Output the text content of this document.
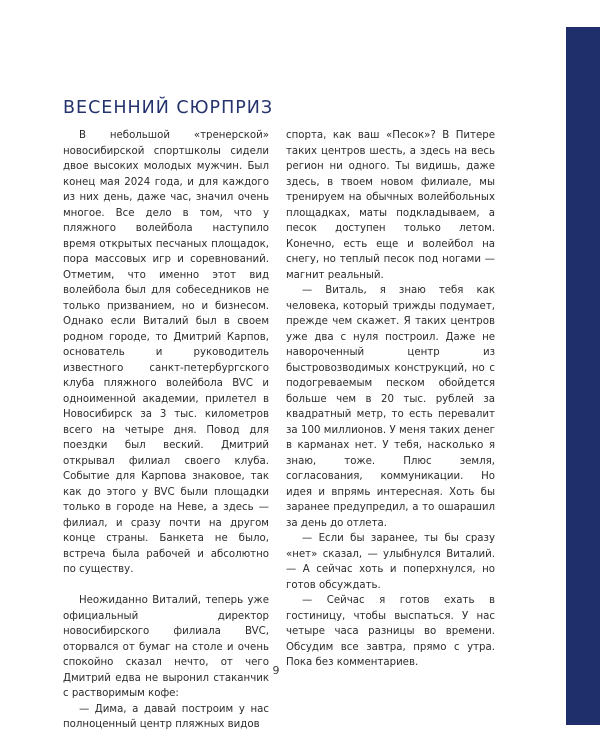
ВЕСЕННИЙ СЮРПРИЗ

В небольшой «тренерской» новосибирской спортшколы сидели двое высоких молодых мужчин. Был конец мая 2024 года, и для каждого из них день, даже час, значил очень многое. Все дело в том, что у пляжного волейбола наступило время открытых песчаных площадок, пора массовых игр и соревнований. Отметим, что именно этот вид волейбола был для собеседников не только призванием, но и бизнесом. Однако если Виталий был в своем родном городе, то Дмитрий Карпов, основатель и руководитель известного санкт-петербургского клуба пляжного волейбола BVC и одноименной академии, прилетел в Новосибирск за 3 тыс. километров всего на четыре дня. Повод для поездки был веский. Дмитрий открывал филиал своего клуба. Событие для Карпова знаковое, так как до этого у BVC были площадки только в городе на Неве, а здесь — филиал, и сразу почти на другом конце страны. Банкета не было, встреча была рабочей и абсолютно по существу.

Неожиданно Виталий, теперь уже официальный директор новосибирского филиала BVC, оторвался от бумаг на столе и очень спокойно сказал нечто, от чего Дмитрий едва не выронил стаканчик с растворимым кофе:

— Дима, а давай построим у нас полноценный центр пляжных видов

спорта, как ваш «Песок»? В Питере таких центров шесть, а здесь на весь регион ни одного. Ты видишь, даже здесь, в твоем новом филиале, мы тренируем на обычных волейбольных площадках, маты подкладываем, а песок доступен только летом. Конечно, есть еще и волейбол на снегу, но теплый песок под ногами — магнит реальный.

— Виталь, я знаю тебя как человека, который трижды подумает, прежде чем скажет. Я таких центров уже два с нуля построил. Даже не навороченный центр из быстровозводимых конструкций, но с подогреваемым песком обойдется больше чем в 20 тыс. рублей за квадратный метр, то есть перевалит за 100 миллионов. У меня таких денег в карманах нет. У тебя, насколько я знаю, тоже. Плюс земля, согласования, коммуникации. Но идея и впрямь интересная. Хоть бы заранее предупредил, а то ошарашил за день до отлета.

— Если бы заранее, ты бы сразу «нет» сказал, — улыбнулся Виталий. — А сейчас хоть и поперхнулся, но готов обсуждать.

— Сейчас я готов ехать в гостиницу, чтобы выспаться. У нас четыре часа разницы во времени. Обсудим все завтра, прямо с утра. Пока без комментариев.

9
